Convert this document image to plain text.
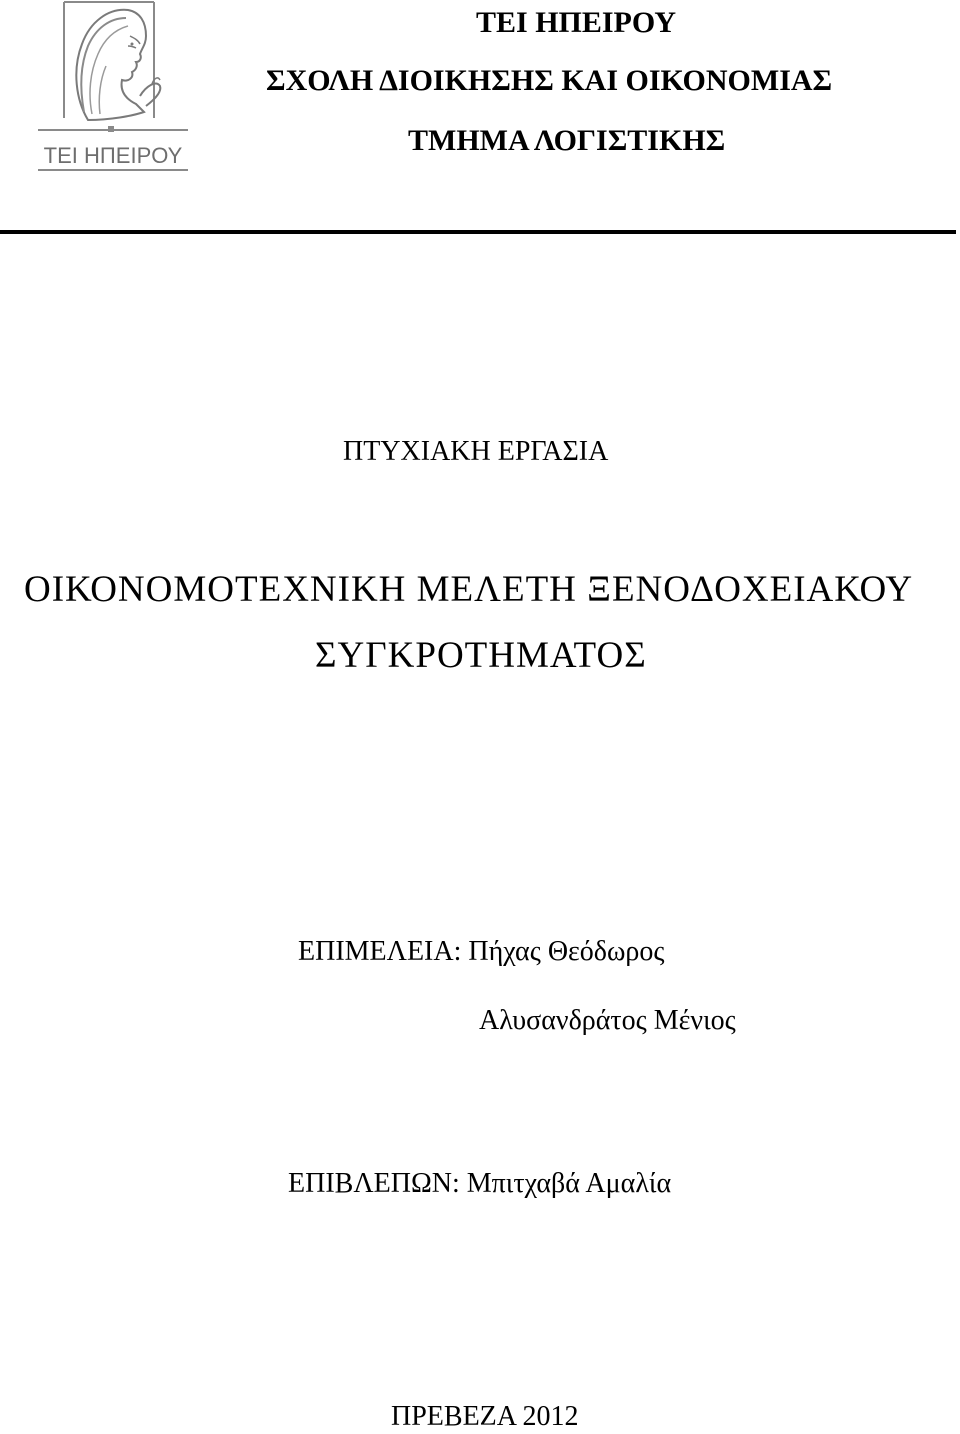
ΤΕΙ ΗΠΕΙΡΟΥ
ΤΕΙ ΗΠΕΙΡΟΥ
ΣΧΟΛΗ ΔΙΟΙΚΗΣΗΣ ΚΑΙ ΟΙΚΟΝΟΜΙΑΣ
ΤΜΗΜΑ ΛΟΓΙΣΤΙΚΗΣ
ΠΤΥΧΙΑΚΗ ΕΡΓΑΣΙΑ
ΟΙΚΟΝΟΜΟΤΕΧΝΙΚΗ ΜΕΛΕΤΗ ΞΕΝΟΔΟΧΕΙΑΚΟΥ
ΣΥΓΚΡΟΤΗΜΑΤΟΣ
ΕΠΙΜΕΛΕΙΑ: Πήχας Θεόδωρος
Αλυσανδράτος Μένιος
ΕΠΙΒΛΕΠΩΝ: Μπιτχαβά Αμαλία
ΠΡΕΒΕΖΑ 2012
